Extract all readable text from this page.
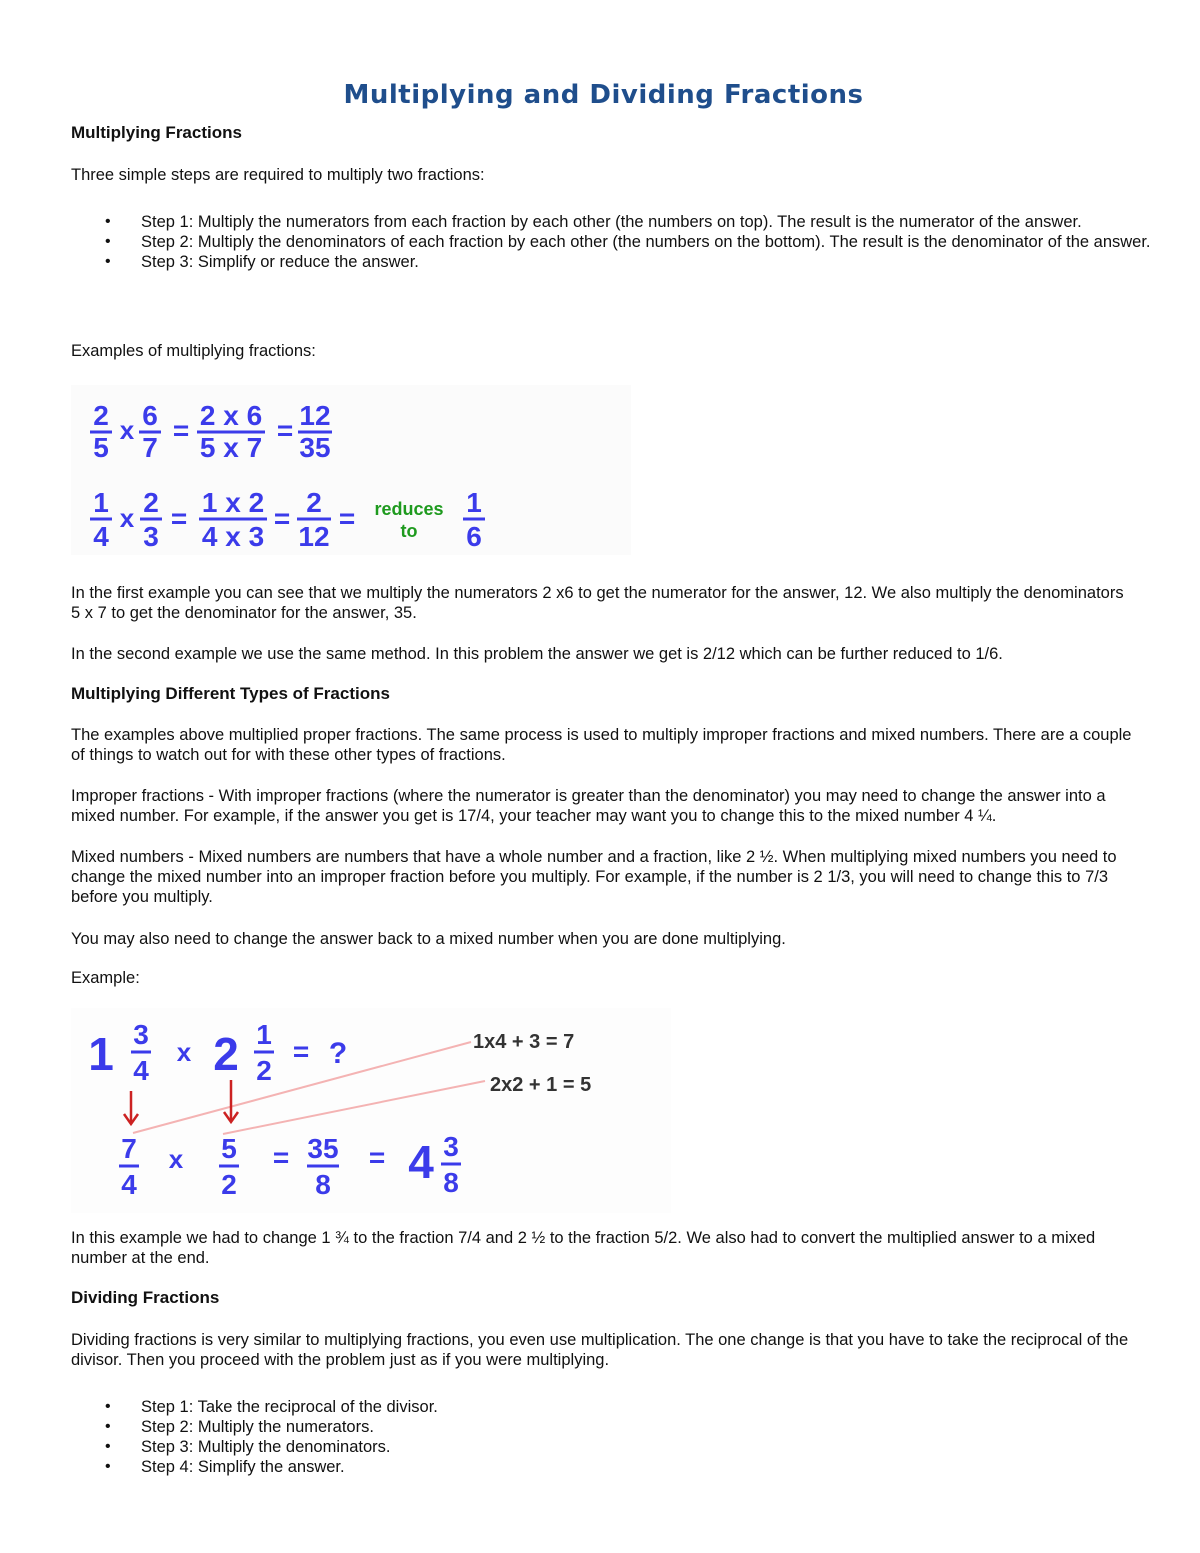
Multiplying and Dividing Fractions
Multiplying Fractions

Three simple steps are required to multiply two fractions:

• Step 1: Multiply the numerators from each fraction by each other (the numbers on top). The result is the numerator of the answer.
• Step 2: Multiply the denominators of each fraction by each other (the numbers on the bottom). The result is the denominator of the answer.
• Step 3: Simplify or reduce the answer.

Examples of multiplying fractions:

2
5
x 6
7
= 2 x 6
5 x 7
= 12
35
1
4
x 2
3
=
1 x 2
4 x 3
=
2
12
= reduces
to
1
6

In the first example you can see that we multiply the numerators 2 x6 to get the numerator for the answer, 12. We also multiply the denominators 5 x 7 to get the denominator for the answer, 35.

In the second example we use the same method. In this problem the answer we get is 2/12 which can be further reduced to 1/6.

Multiplying Different Types of Fractions

The examples above multiplied proper fractions. The same process is used to multiply improper fractions and mixed numbers. There are a couple of things to watch out for with these other types of fractions.

Improper fractions - With improper fractions (where the numerator is greater than the denominator) you may need to change the answer into a mixed number. For example, if the answer you get is 17/4, your teacher may want you to change this to the mixed number 4 ¼.

Mixed numbers - Mixed numbers are numbers that have a whole number and a fraction, like 2 ½. When multiplying mixed numbers you need to change the mixed number into an improper fraction before you multiply. For example, if the number is 2 1/3, you will need to change this to 7/3 before you multiply.

You may also need to change the answer back to a mixed number when you are done multiplying.

Example:

1 3
4
x 2 1
2
= ?	1x4 + 3 = 7
2x2 + 1 = 5
7
4
x 5
2
= 35
8
= 4 3
8

In this example we had to change 1 ¾ to the fraction 7/4 and 2 ½ to the fraction 5/2. We also had to convert the multiplied answer to a mixed number at the end.

Dividing Fractions

Dividing fractions is very similar to multiplying fractions, you even use multiplication. The one change is that you have to take the reciprocal of the divisor. Then you proceed with the problem just as if you were multiplying.

• Step 1: Take the reciprocal of the divisor.
• Step 2: Multiply the numerators.
• Step 3: Multiply the denominators.
• Step 4: Simplify the answer.
